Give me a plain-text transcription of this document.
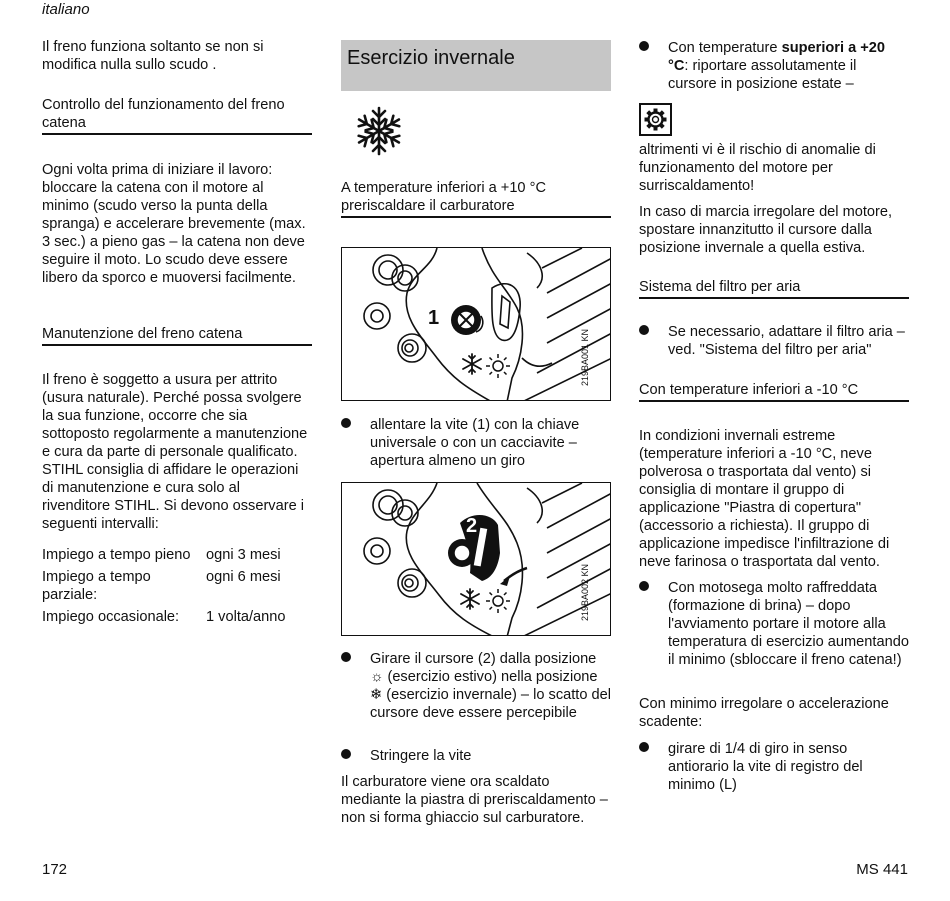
italiano
Il freno funziona soltanto se non si modifica nulla sullo scudo .
Controllo del funzionamento del freno catena
Ogni volta prima di iniziare il lavoro: bloccare la catena con il motore al minimo (scudo verso la punta della spranga) e accelerare brevemente (max. 3 sec.) a pieno gas – la catena non deve seguire il moto. Lo scudo deve essere libero da sporco e muoversi facilmente.
Manutenzione del freno catena
Il freno è soggetto a usura per attrito (usura naturale). Perché possa svolgere la sua funzione, occorre che sia sottoposto regolarmente a manutenzione e cura da parte di personale qualificato. STIHL consiglia di affidare le operazioni di manutenzione e cura solo al rivenditore STIHL. Si devono osservare i seguenti intervalli:
Impiego a tempo pieno	ogni 3 mesi
Impiego a tempo parziale:	ogni 6 mesi
Impiego occasionale:	1 volta/anno
Esercizio invernale
A temperature inferiori a +10 °C preriscaldare il carburatore
1
219BA001 KN
allentare la vite (1) con la chiave universale o con un cacciavite – apertura almeno un giro
2
219BA002 KN
Girare il cursore (2) dalla posizione ☼ (esercizio estivo) nella posizione ❄ (esercizio invernale) – lo scatto del cursore deve essere percepibile
Stringere la vite
Il carburatore viene ora scaldato mediante la piastra di preriscaldamento – non si forma ghiaccio sul carburatore.
Con temperature superiori a +20 °C: riportare assolutamente il cursore in posizione estate –
altrimenti vi è il rischio di anomalie di funzionamento del motore per surriscaldamento!
In caso di marcia irregolare del motore, spostare innanzitutto il cursore dalla posizione invernale a quella estiva.
Sistema del filtro per aria
Se necessario, adattare il filtro aria – ved. "Sistema del filtro per aria"
Con temperature inferiori a -10 °C
In condizioni invernali estreme (temperature inferiori a -10 °C, neve polverosa o trasportata dal vento) si consiglia di montare il gruppo di applicazione "Piastra di copertura" (accessorio a richiesta). Il gruppo di applicazione impedisce l'infiltrazione di neve farinosa o trasportata dal vento.
Con motosega molto raffreddata (formazione di brina) – dopo l'avviamento portare il motore alla temperatura di esercizio aumentando il minimo (sbloccare il freno catena!)
Con minimo irregolare o accelerazione scadente:
girare di 1/4 di giro in senso antiorario la vite di registro del minimo (L)
172	MS 441
